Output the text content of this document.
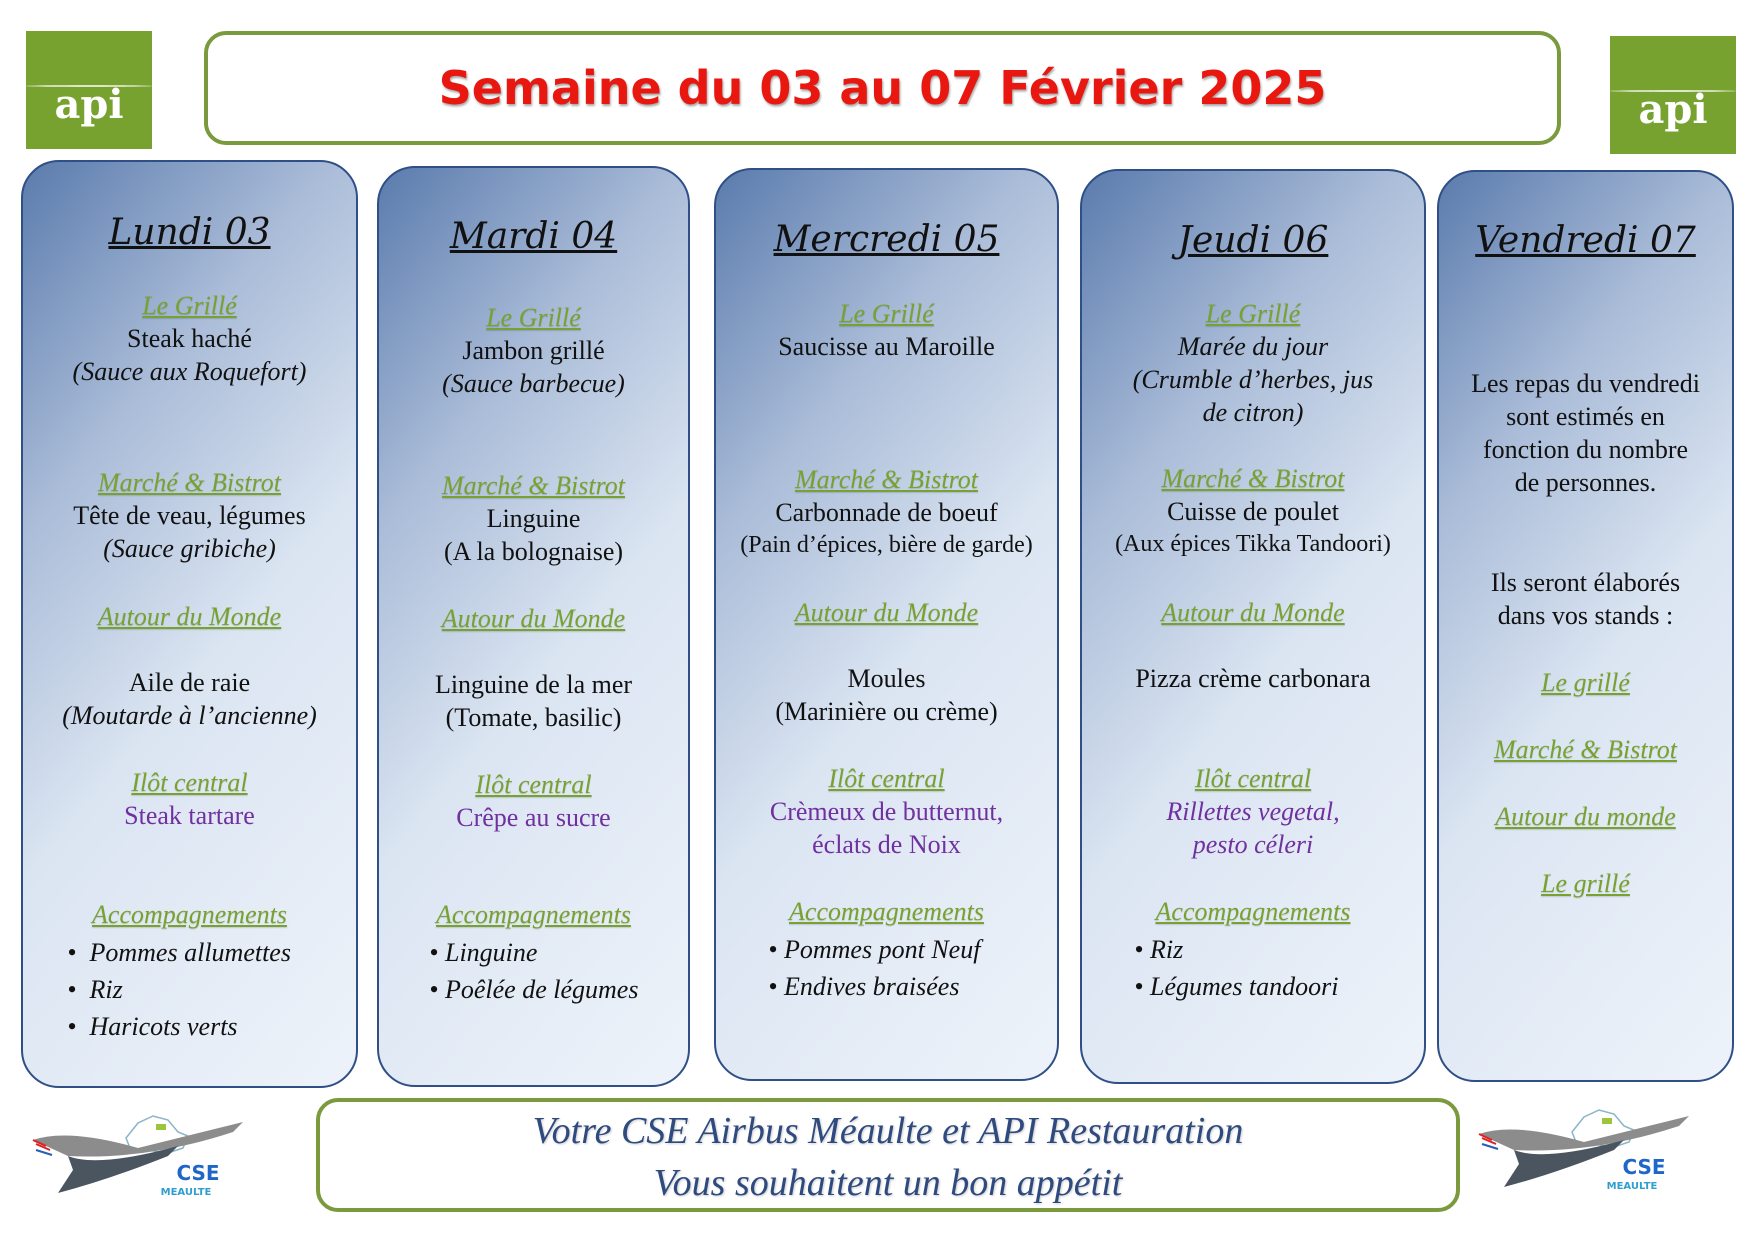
api	api
Semaine du 03 au 07 Février 2025
Lundi 03
Le Grillé
Steak haché
(Sauce aux Roquefort)
Marché & Bistrot
Tête de veau, légumes
(Sauce gribiche)
Autour du Monde
Aile de raie
(Moutarde à l’ancienne)
Ilôt central
Steak tartare
Accompagnements
• Pommes allumettes
• Riz
• Haricots verts
Mardi 04
Le Grillé
Jambon grillé
(Sauce barbecue)
Marché & Bistrot
Linguine
(A la bolognaise)
Autour du Monde
Linguine de la mer
(Tomate, basilic)
Ilôt central
Crêpe au sucre
Accompagnements
• Linguine
• Poêlée de légumes
Mercredi 05
Le Grillé
Saucisse au Maroille
Marché & Bistrot
Carbonnade de boeuf
(Pain d’épices, bière de garde)
Autour du Monde
Moules
(Marinière ou crème)
Ilôt central
Crèmeux de butternut,
éclats de Noix
Accompagnements
• Pommes pont Neuf
• Endives braisées
Jeudi 06
Le Grillé
Marée du jour
(Crumble d’herbes, jus
de citron)
Marché & Bistrot
Cuisse de poulet
(Aux épices Tikka Tandoori)
Autour du Monde
Pizza crème carbonara
Ilôt central
Rillettes vegetal,
pesto céleri
Accompagnements
• Riz
• Légumes tandoori
Vendredi 07
Les repas du vendredi
sont estimés en
fonction du nombre
de personnes.
Ils seront élaborés
dans vos stands :
Le grillé
Marché & Bistrot
Autour du monde
Le grillé
CSE
MEAULTE
CSE
MEAULTE
Votre CSE Airbus Méaulte et API Restauration
Vous souhaitent un bon appétit
